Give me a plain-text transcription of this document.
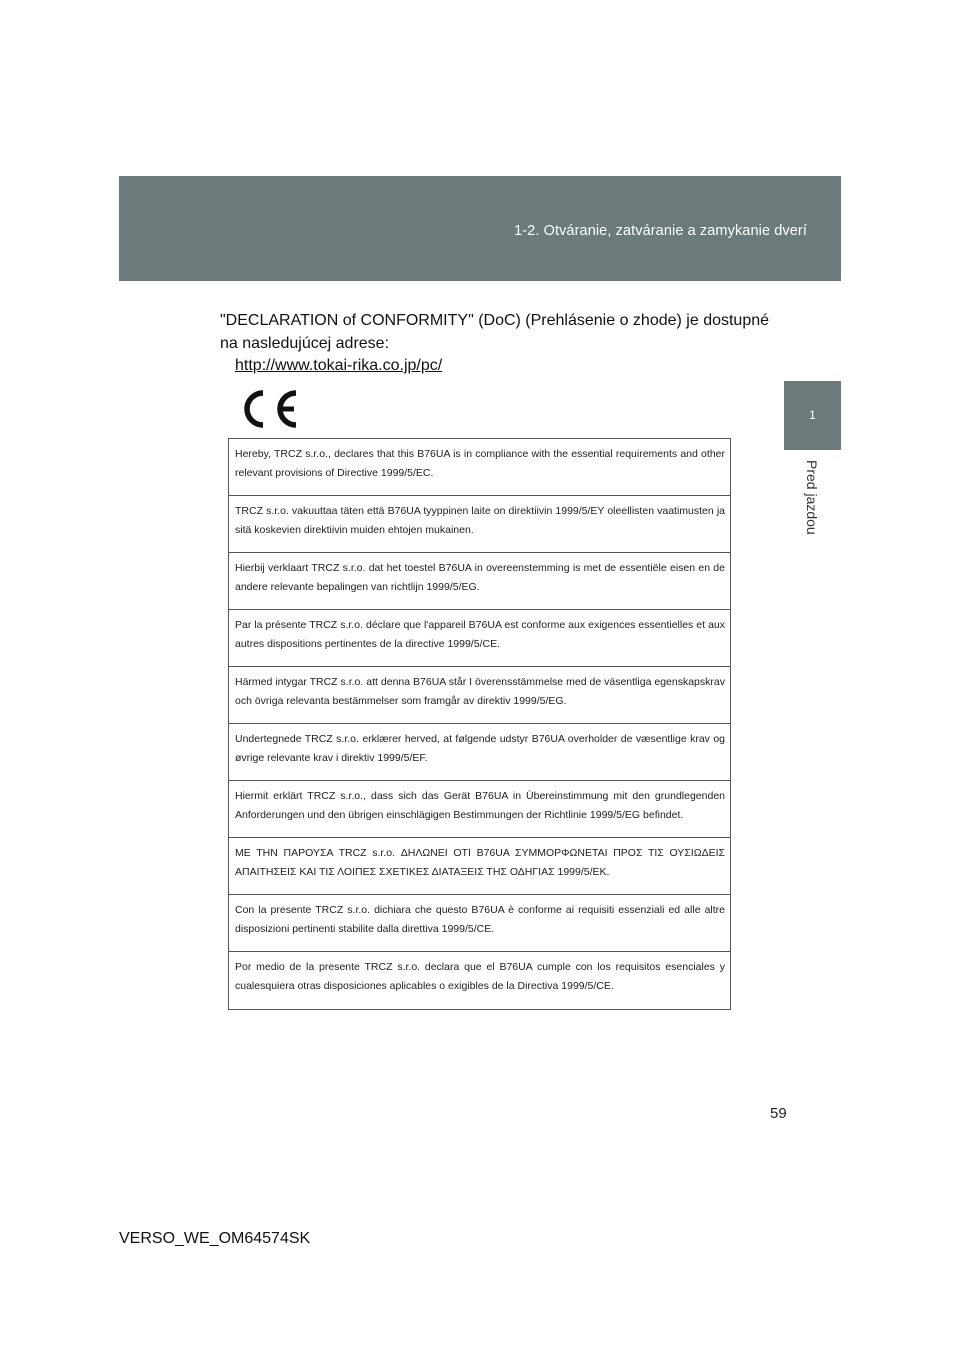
1-2. Otváranie, zatváranie a zamykanie dverí
1
Pred jazdou
"DECLARATION of CONFORMITY" (DoC) (Prehlásenie o zhode) je dostupné na nasledujúcej adrese:
http://www.tokai-rika.co.jp/pc/
Hereby, TRCZ s.r.o., declares that this B76UA is in compliance with the essential requirements and other relevant provisions of Directive 1999/5/EC.
TRCZ s.r.o. vakuuttaa täten että B76UA tyyppinen laite on direktiivin 1999/5/EY oleellisten vaatimusten ja sitä koskevien direktiivin muiden ehtojen mukainen.
Hierbij verklaart TRCZ s.r.o. dat het toestel B76UA in overeenstemming is met de essentiële eisen en de andere relevante bepalingen van richtlijn 1999/5/EG.
Par la présente TRCZ s.r.o. déclare que l'appareil B76UA est conforme aux exigences essentielles et aux autres dispositions pertinentes de la directive 1999/5/CE.
Härmed intygar TRCZ s.r.o. att denna B76UA står I överensstämmelse med de väsentliga egenskapskrav och övriga relevanta bestämmelser som framgår av direktiv 1999/5/EG.
Undertegnede TRCZ s.r.o. erklærer herved, at følgende udstyr B76UA overholder de væsentlige krav og øvrige relevante krav i direktiv 1999/5/EF.
Hiermit erklärt TRCZ s.r.o., dass sich das Gerät B76UA in Übereinstimmung mit den grundlegenden Anforderungen und den übrigen einschlägigen Bestimmungen der Richtlinie 1999/5/EG befindet.
ΜΕ ΤΗΝ ΠΑΡΟΥΣΑ TRCZ s.r.o. ΔΗΛΩΝΕΙ ΟΤΙ B76UA ΣΥΜΜΟΡΦΩΝΕΤΑΙ ΠΡΟΣ ΤΙΣ ΟΥΣΙΩΔΕΙΣ ΑΠΑΙΤΗΣΕΙΣ ΚΑΙ ΤΙΣ ΛΟΙΠΕΣ ΣΧΕΤΙΚΕΣ ΔΙΑΤΑΞΕΙΣ ΤΗΣ ΟΔΗΓΙΑΣ 1999/5/ΕΚ.
Con la presente TRCZ s.r.o. dichiara che questo B76UA è conforme ai requisiti essenziali ed alle altre disposizioni pertinenti stabilite dalla direttiva 1999/5/CE.
Por medio de la presente TRCZ s.r.o. declara que el B76UA cumple con los requisitos esenciales y cualesquiera otras disposiciones aplicables o exigibles de la Directiva 1999/5/CE.
59
VERSO_WE_OM64574SK
